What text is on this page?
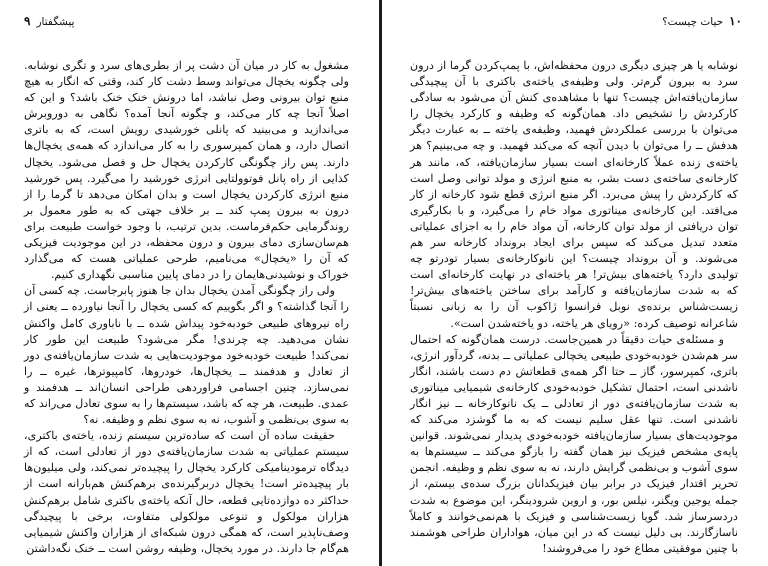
۹ پیشگفتار

مشغول به کار در میان آن دشت پر از بطری‌های سرد و تگری نوشابه. ولی چگونه یخچال می‌تواند وسط دشت کار کند، وقتی که انگار به هیچ منبع توان بیرونی وصل نباشد، اما درونش خنک خنک باشد؟ و این که اصلاً آنجا چه کار می‌کند، و چگونه آنجا آمده؟ نگاهی به دوروبرش می‌اندازید و می‌بینید که پانلی خورشیدی رویش است، که به باتری اتصال دارد، و همان کمپرسوری را به کار می‌اندازد که همه‌ی یخچال‌ها دارند. پس راز چگونگی کارکردن یخچال حل و فصل می‌شود. یخچال کذایی از راه پانل فوتوولتایی انرژی خورشید را می‌گیرد. پس خورشید منبع انرژی کارکردن یخچال است و بدان امکان می‌دهد تا گرما را از درون به بیرون پمپ کند ــ بر خلاف جهتی که به طور معمول بر روندگرمایی حکم‌فرماست. بدین ترتیب، با وجود خواست طبیعت برای هم‌سان‌سازی دمای بیرون و درون محفظه، در این موجودیت فیزیکی که آن را «یخچال» می‌نامیم، طرحی عملیاتی هست که می‌گذارد خوراک و نوشیدنی‌هایمان را در دمای پایین مناسبی نگهداری کنیم.

ولی راز چگونگی آمدن یخچال بدان جا هنوز پابرجاست. چه کسی آن را آنجا گذاشته؟ و اگر بگوییم که کسی یخچال را آنجا نیاورده ــ یعنی از راه نیروهای طبیعی خودبه‌خود پیداش شده ــ با ناباوری کامل واکنش نشان می‌دهید. چه چرندی! مگر می‌شود؟ طبیعت این طور کار نمی‌کند! طبیعت خودبه‌خود موجودیت‌هایی به شدت سازمان‌یافته‌ی دور از تعادل و هدفمند ــ یخچال‌ها، خودروها، کامپیوترها، غیره ــ را نمی‌سازد. چنین اجسامی فراوردهی طراحی انسان‌اند ــ هدفمند و عمدی. طبیعت، هر چه که باشد، سیستم‌ها را به سوی تعادل می‌راند که به سوی بی‌نظمی و آشوب، نه به سوی نظم و وظیفه. نه؟

حقیقت ساده آن است که ساده‌ترین سیستم زنده، یاخته‌ی باکتری، سیستم عملیاتی به شدت سازمان‌یافته‌ی دور از تعادلی است، که از دیدگاه ترمودینامیکی کارکرد یخچال را پیچیده‌تر نمی‌کند، ولی میلیون‌ها بار پیچیده‌تر است! یخچال دربرگیرنده‌ی برهم‌کنش هم‌بارانه است از حداکثر ده دوازده‌تایی قطعه، حال آنکه یاخته‌ی باکتری شامل برهم‌کنش هزاران مولکول و تنوعی مولکولی متفاوت، برخی با پیچیدگی وصف‌ناپذیر است، که همگی درون شبکه‌ای از هزاران واکنش شیمیایی هم‌گام جا دارند. در مورد یخچال، وظیفه روشن است ــ خنک نگه‌داشتن

۱۰
حیات چیست؟

نوشابه یا هر چیزی دیگری درون محفظه‌اش، با پمپ‌کردن گرما از درون سرد به بیرون گرم‌تر. ولی وظیفه‌ی یاخته‌ی باکتری با آن پیچیدگی سازمان‌یافته‌اش چیست؟ تنها با مشاهده‌ی کنش آن می‌شود به سادگی کارکردش را تشخیص داد. همان‌گونه که وظیفه و کارکرد یخچال را می‌توان با بررسی عملکردش فهمید، وظیفه‌ی یاخته ــ به عبارت دیگر هدفش ــ را می‌توان با دیدن آنچه که می‌کند فهمید. و چه می‌بینیم؟ هر یاخته‌ی زنده عملاً کارخانه‌ای است بسیار سازمان‌یافته، که، مانند هر کارخانه‌ی ساخته‌ی دست بشر، به منبع انرژی و مولد توانی وصل است که کارکردش را پیش می‌برد. اگر منبع انرژی قطع شود کارخانه از کار می‌افتد. این کارخانه‌ی میناتوری مواد خام را می‌گیرد، و با بکارگیری توان دریافتی از مولد توان کارخانه، آن مواد خام را به اجزای عملیاتی متعدد تبدیل می‌کند که سپس برای ایجاد برونداد کارخانه سر هم می‌شوند. و آن برونداد چیست؟ این نانوکارخانه‌ی بسیار تودرتو چه تولیدی دارد؟ یاخته‌های بیش‌تر! هر یاخته‌ای در نهایت کارخانه‌ای است که به شدت سازمان‌یافته و کارآمد برای ساختن یاخته‌های بیش‌تر! زیست‌شناس برنده‌ی نوبل فرانسوا ژاکوب آن را به زبانی نسبتاً شاعرانه توصیف کرده: «رویای هر یاخته، دو یاخته‌شدن است».

و مسئله‌ی حیات دقیقاً در همین‌جاست. درست همان‌گونه که احتمال سر هم‌شدن خودبه‌خودی طبیعی یخچالی عملیاتی ــ بدنه، گردآور انرژی، باتری، کمپرسور، گاز ــ حتا اگر همه‌ی قطعاتش دم دست باشند، انگار ناشدنی است، احتمال تشکیل خودبه‌خودی کارخانه‌ی شیمیایی میناتوری به شدت سازمان‌یافته‌ی دور از تعادلی ــ یک نانوکارخانه ــ نیز انگار ناشدنی است. تنها عقل سلیم نیست که به ما گوشزد می‌کند که موجودیت‌های بسیار سازمان‌یافته خودبه‌خودی پدیدار نمی‌شوند. قوانین پایه‌ی مشخص فیزیک نیز همان گفته را باز‌گو می‌کند ــ سیستم‌ها به سوی آشوب و بی‌نظمی گرایش دارند، نه به سوی نظم و وظیفه. انجمن تحریر اقتدار فیزیک در برابر بیان فیزیکدانان بزرگ سده‌ی بیستم، از جمله یوجین ویگنر، نیلس بور، و اروین شرودینگر، این موضوع به شدت دردسرساز شد. گویا زیست‌شناسی و فیزیک با هم‌نمی‌خوانند و کاملاً ناسازگارند. بی دلیل نیست که در این میان، هواداران طراحی هوشمند با چنین موفقیتی مطاع خود را می‌فروشند!
